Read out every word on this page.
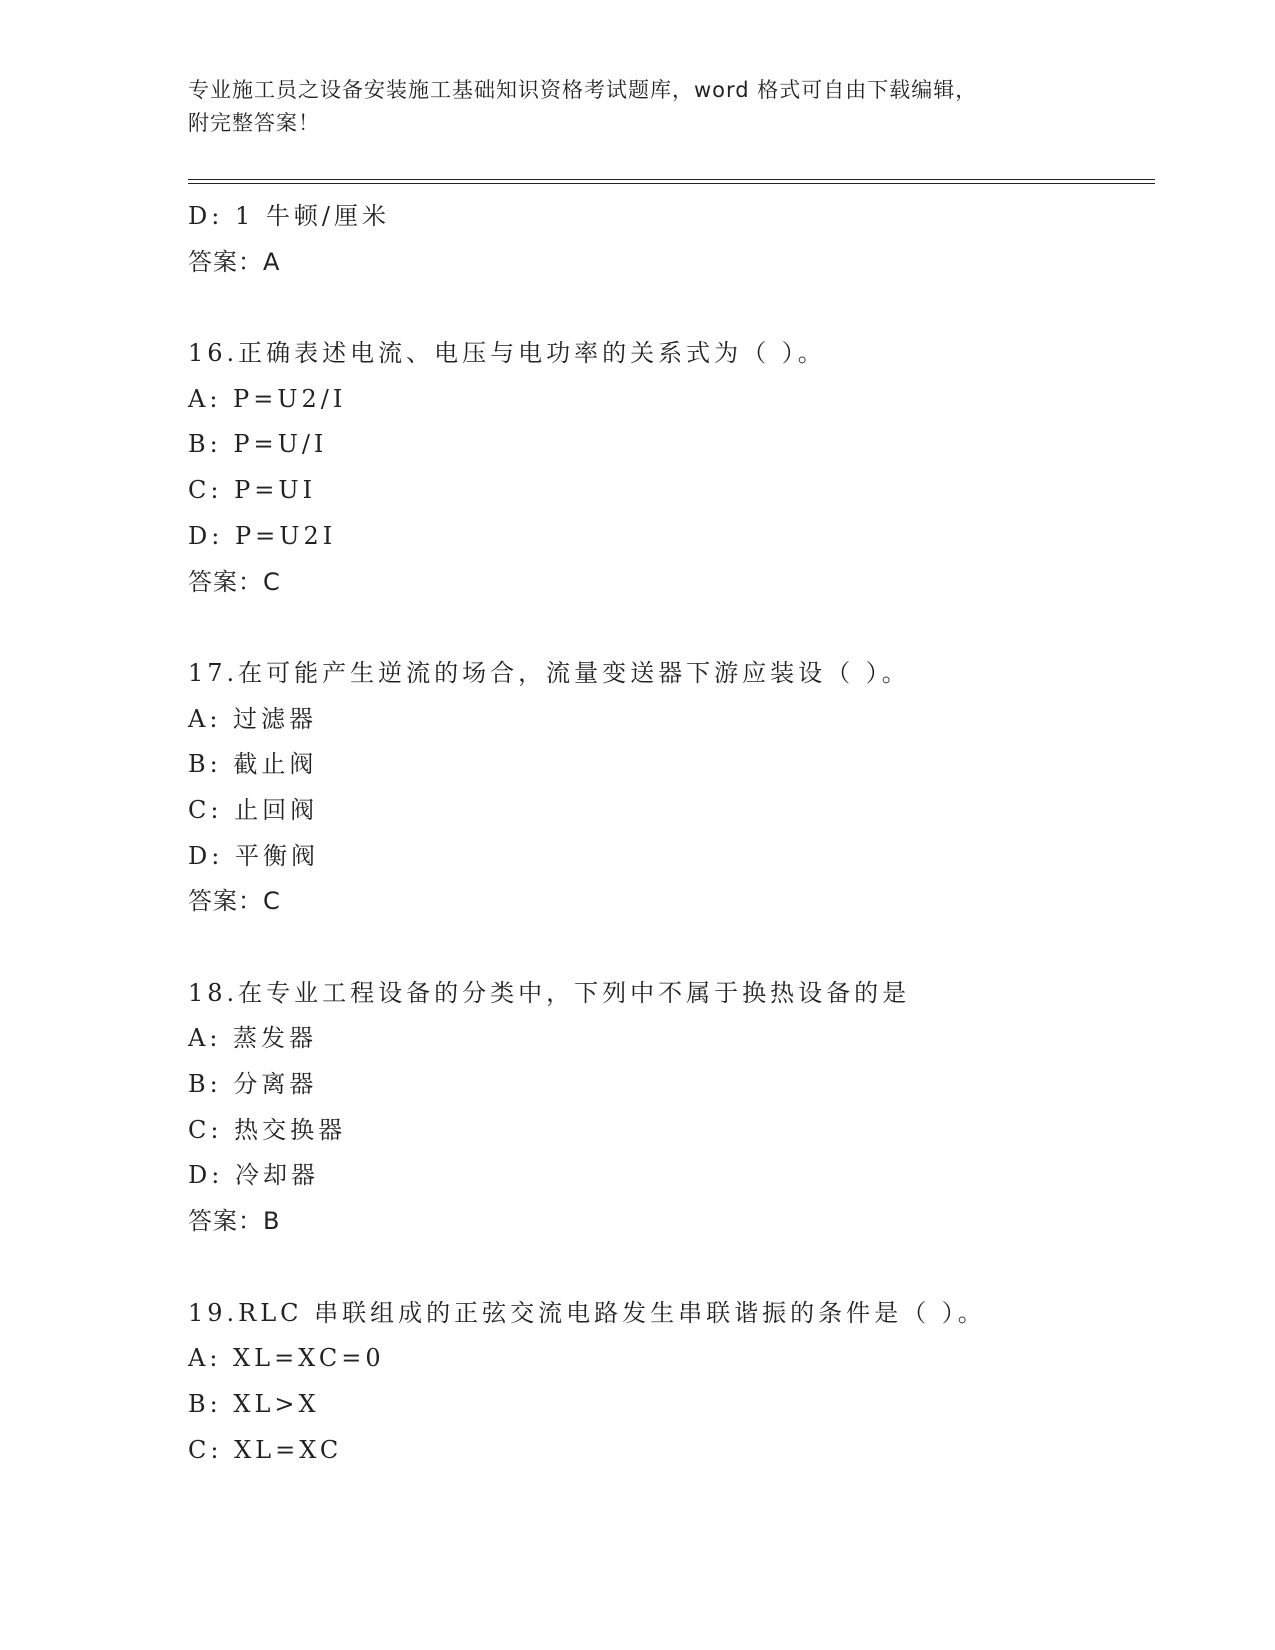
专业施工员之设备安装施工基础知识资格考试题库，word 格式可自由下载编辑，
附完整答案！
D: 1 牛顿/厘米
答案：A
16.正确表述电流、电压与电功率的关系式为（ ）。
A: P=U2/I
B: P=U/I
C: P=UI
D: P=U2I
答案：C
17.在可能产生逆流的场合，流量变送器下游应装设（ ）。
A: 过滤器
B: 截止阀
C: 止回阀
D: 平衡阀
答案：C
18.在专业工程设备的分类中，下列中不属于换热设备的是
A: 蒸发器
B: 分离器
C: 热交换器
D: 冷却器
答案：B
19.RLC 串联组成的正弦交流电路发生串联谐振的条件是（ ）。
A: XL=XC=0
B: XL>X
C: XL=XC
